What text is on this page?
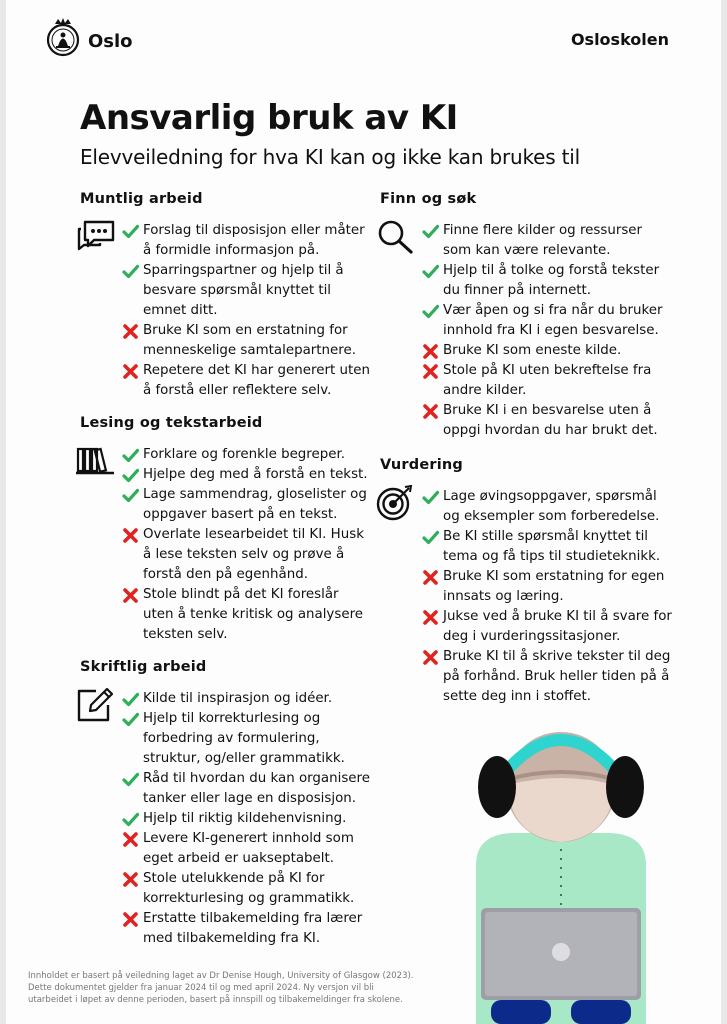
Oslo	Osloskolen
Ansvarlig bruk av KI
Elevveiledning for hva KI kan og ikke kan brukes til
Muntlig arbeid
Forslag til disposisjon eller måter
å formidle informasjon på.
Sparringspartner og hjelp til å
besvare spørsmål knyttet til
emnet ditt.
Bruke KI som en erstatning for
menneskelige samtalepartnere.
Repetere det KI har generert uten
å forstå eller reflektere selv.
Lesing og tekstarbeid
Forklare og forenkle begreper.
Hjelpe deg med å forstå en tekst.
Lage sammendrag, gloselister og
oppgaver basert på en tekst.
Overlate lesearbeidet til KI. Husk
å lese teksten selv og prøve å
forstå den på egenhånd.
Stole blindt på det KI foreslår
uten å tenke kritisk og analysere
teksten selv.
Skriftlig arbeid
Kilde til inspirasjon og idéer.
Hjelp til korrekturlesing og
forbedring av formulering,
struktur, og/eller grammatikk.
Råd til hvordan du kan organisere
tanker eller lage en disposisjon.
Hjelp til riktig kildehenvisning.
Levere KI-generert innhold som
eget arbeid er uakseptabelt.
Stole utelukkende på KI for
korrekturlesing og grammatikk.
Erstatte tilbakemelding fra lærer
med tilbakemelding fra KI.
Finn og søk
Finne flere kilder og ressurser
som kan være relevante.
Hjelp til å tolke og forstå tekster
du finner på internett.
Vær åpen og si fra når du bruker
innhold fra KI i egen besvarelse.
Bruke KI som eneste kilde.
Stole på KI uten bekreftelse fra
andre kilder.
Bruke KI i en besvarelse uten å
oppgi hvordan du har brukt det.
Vurdering
Lage øvingsoppgaver, spørsmål
og eksempler som forberedelse.
Be KI stille spørsmål knyttet til
tema og få tips til studieteknikk.
Bruke KI som erstatning for egen
innsats og læring.
Jukse ved å bruke KI til å svare for
deg i vurderingssitasjoner.
Bruke KI til å skrive tekster til deg
på forhånd. Bruk heller tiden på å
sette deg inn i stoffet.

Innholdet er basert på veiledning laget av Dr Denise Hough, University of Glasgow (2023).

Dette dokumentet gjelder fra januar 2024 til og med april 2024. Ny versjon vil bli

utarbeidet i løpet av denne perioden, basert på innspill og tilbakemeldinger fra skolene.
